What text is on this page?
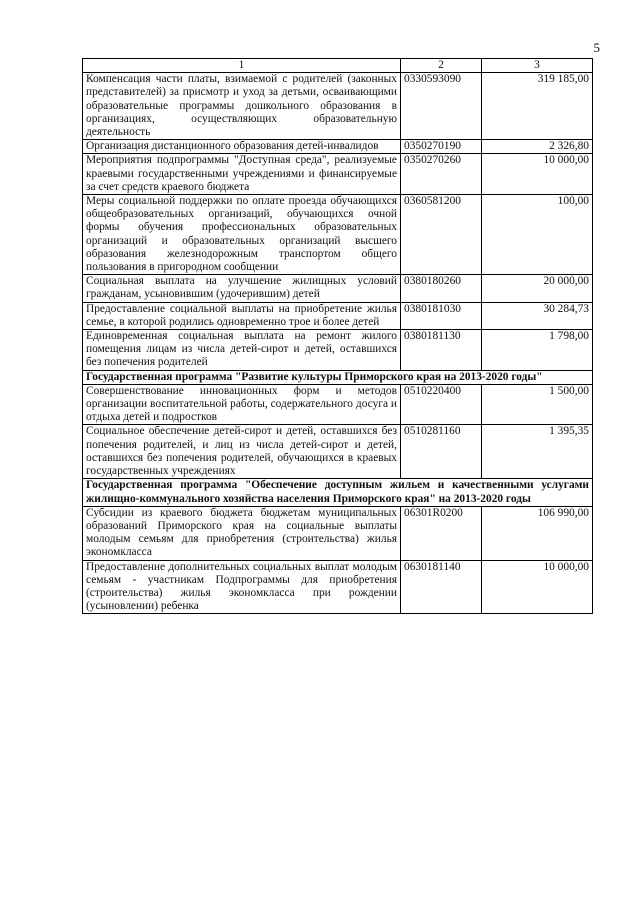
5
1	2	3
Компенсация части платы, взимаемой с родителей (законных представителей) за присмотр и уход за детьми, осваивающими образовательные программы дошкольного образования в организациях, осуществляющих образовательную деятельность	0330593090	319 185,00
Организация дистанционного образования детей-инвалидов	0350270190	2 326,80
Мероприятия подпрограммы "Доступная среда", реализуемые краевыми государственными учреждениями и финансируемые за счет средств краевого бюджета	0350270260	10 000,00
Меры социальной поддержки по оплате проезда обучающихся общеобразовательных организаций, обучающихся очной формы обучения профессиональных образовательных организаций и образовательных организаций высшего образования железнодорожным транспортом общего пользования в пригородном сообщении	0360581200	100,00
Социальная выплата на улучшение жилищных условий гражданам, усыновившим (удочерившим) детей	0380180260	20 000,00
Предоставление социальной выплаты на приобретение жилья семье, в которой родились одновременно трое и более детей	0380181030	30 284,73
Единовременная социальная выплата на ремонт жилого помещения лицам из числа детей-сирот и детей, оставшихся без попечения родителей	0380181130	1 798,00
Государственная программа "Развитие культуры Приморского края на 2013-2020 годы"		
Совершенствование инновационных форм и методов организации воспитательной работы, содержательного досуга и отдыха детей и подростков	0510220400	1 500,00
Социальное обеспечение детей-сирот и детей, оставшихся без попечения родителей, и лиц из числа детей-сирот и детей, оставшихся без попечения родителей, обучающихся в краевых государственных учреждениях	0510281160	1 395,35
Государственная программа "Обеспечение доступным жильем и качественными услугами жилищно-коммунального хозяйства населения Приморского края" на 2013-2020 годы		
Субсидии из краевого бюджета бюджетам муниципальных образований Приморского края на социальные выплаты молодым семьям для приобретения (строительства) жилья экономкласса	06301R0200	106 990,00
Предоставление дополнительных социальных выплат молодым семьям - участникам Подпрограммы для приобретения (строительства) жилья экономкласса при рождении (усыновлении) ребенка	0630181140	10 000,00
